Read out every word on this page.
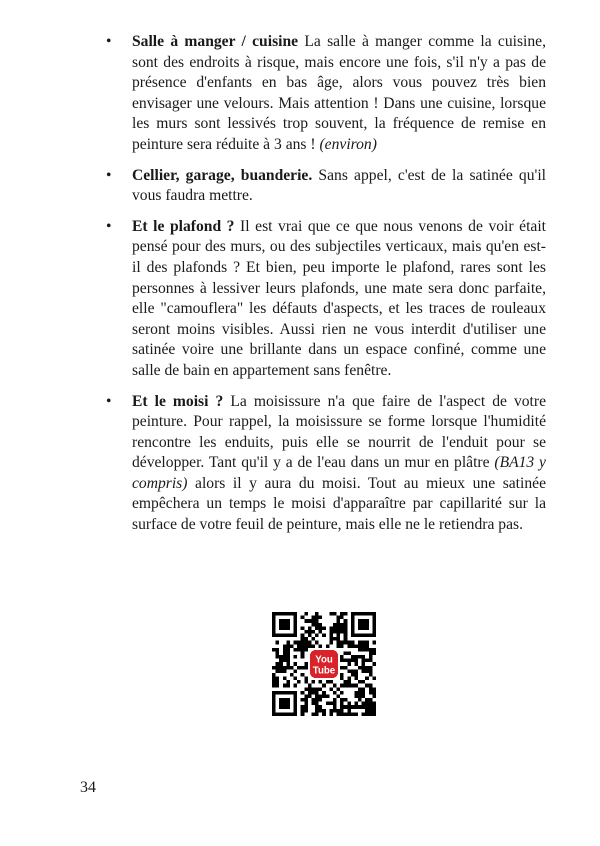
• Salle à manger / cuisine La salle à manger comme la cuisine, sont des endroits à risque, mais encore une fois, s'il n'y a pas de présence d'enfants en bas âge, alors vous pouvez très bien envisager une velours. Mais attention ! Dans une cuisine, lorsque les murs sont lessivés trop souvent, la fréquence de remise en peinture sera réduite à 3 ans ! (environ)
• Cellier, garage, buanderie. Sans appel, c'est de la satinée qu'il vous faudra mettre.
• Et le plafond ? Il est vrai que ce que nous venons de voir était pensé pour des murs, ou des subjectiles verticaux, mais qu'en est-il des plafonds ? Et bien, peu importe le plafond, rares sont les personnes à lessiver leurs plafonds, une mate sera donc parfaite, elle "camouflera" les défauts d'aspects, et les traces de rouleaux seront moins visibles. Aussi rien ne vous interdit d'utiliser une satinée voire une brillante dans un espace confiné, comme une salle de bain en appartement sans fenêtre.
• Et le moisi ? La moisissure n'a que faire de l'aspect de votre peinture. Pour rappel, la moisissure se forme lorsque l'humidité rencontre les enduits, puis elle se nourrit de l'enduit pour se développer. Tant qu'il y a de l'eau dans un mur en plâtre (BA13 y compris) alors il y aura du moisi. Tout au mieux une satinée empêchera un temps le moisi d'apparaître par capillarité sur la surface de votre feuil de peinture, mais elle ne le retiendra pas.
You
Tube
34
